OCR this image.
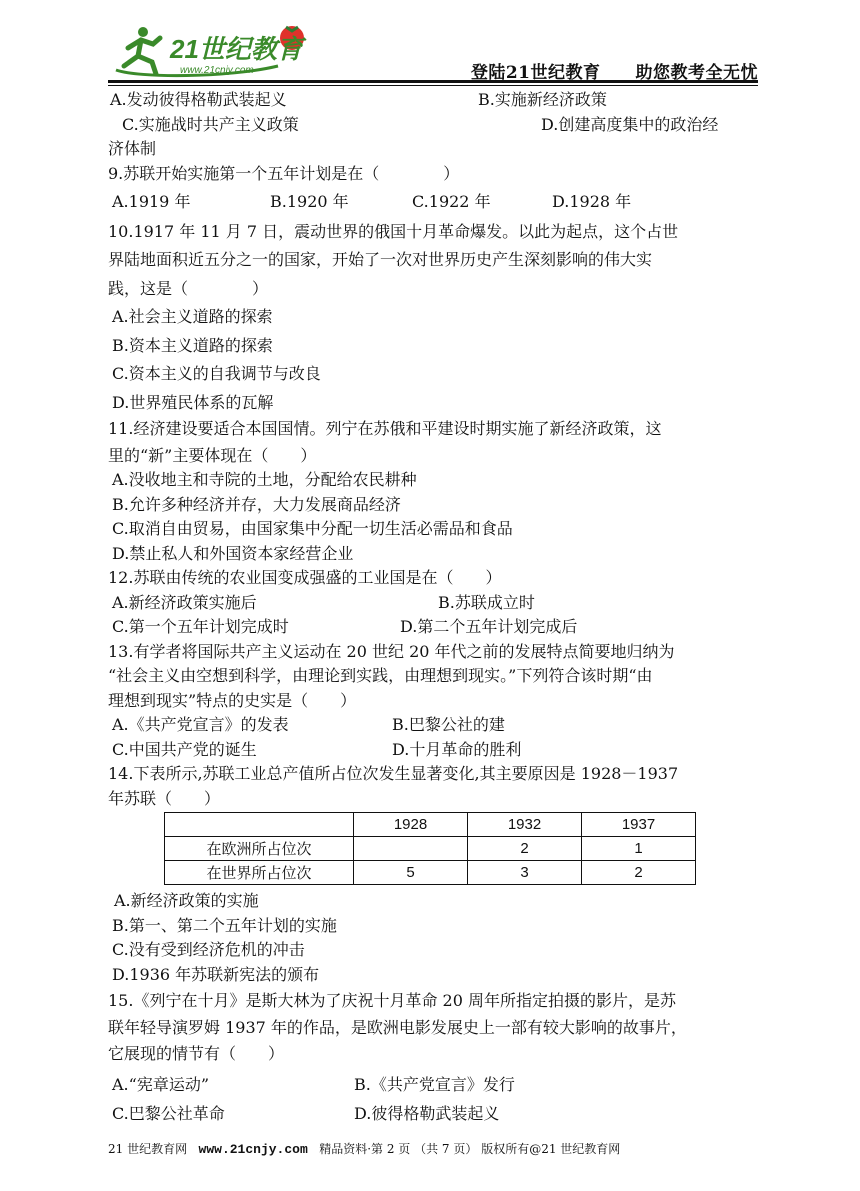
21世纪教育
www.21cnjy.com	登陆21世纪教育　　助您教考全无忧
A.发动彼得格勒武装起义	B.实施新经济政策
C.实施战时共产主义政策	D.创建高度集中的政治经
济体制
9.苏联开始实施第一个五年计划是在（　　　　）
A.1919 年	B.1920 年	C.1922 年	D.1928 年
10.1917 年 11 月 7 日，震动世界的俄国十月革命爆发。以此为起点，这个占世
界陆地面积近五分之一的国家，开始了一次对世界历史产生深刻影响的伟大实
践，这是（　　　　）
A.社会主义道路的探索
B.资本主义道路的探索
C.资本主义的自我调节与改良
D.世界殖民体系的瓦解
11.经济建设要适合本国国情。列宁在苏俄和平建设时期实施了新经济政策，这
里的“新”主要体现在（　　）
A.没收地主和寺院的土地，分配给农民耕种
B.允许多种经济并存，大力发展商品经济
C.取消自由贸易，由国家集中分配一切生活必需品和食品
D.禁止私人和外国资本家经营企业
12.苏联由传统的农业国变成强盛的工业国是在（　　）
A.新经济政策实施后	B.苏联成立时
C.第一个五年计划完成时	D.第二个五年计划完成后
13.有学者将国际共产主义运动在 20 世纪 20 年代之前的发展特点简要地归纳为
“社会主义由空想到科学，由理论到实践，由理想到现实。”下列符合该时期“由
理想到现实”特点的史实是（　　）
A.《共产党宣言》的发表	B.巴黎公社的建
C.中国共产党的诞生	D.十月革命的胜利
14.下表所示,苏联工业总产值所占位次发生显著变化,其主要原因是 1928－1937
年苏联（　　）
	1928	1932	1937
在欧洲所占位次		2	1
在世界所占位次	5	3	2
A.新经济政策的实施
B.第一、第二个五年计划的实施
C.没有受到经济危机的冲击
D.1936 年苏联新宪法的颁布
15.《列宁在十月》是斯大林为了庆祝十月革命 20 周年所指定拍摄的影片，是苏
联年轻导演罗姆 1937 年的作品，是欧洲电影发展史上一部有较大影响的故事片，
它展现的情节有（　　）
A.“宪章运动”	B.《共产党宣言》发行
C.巴黎公社革命	D.彼得格勒武装起义
21 世纪教育网 www.21cnjy.com 精品资料·第 2 页 （共 7 页） 版权所有@21 世纪教育网
